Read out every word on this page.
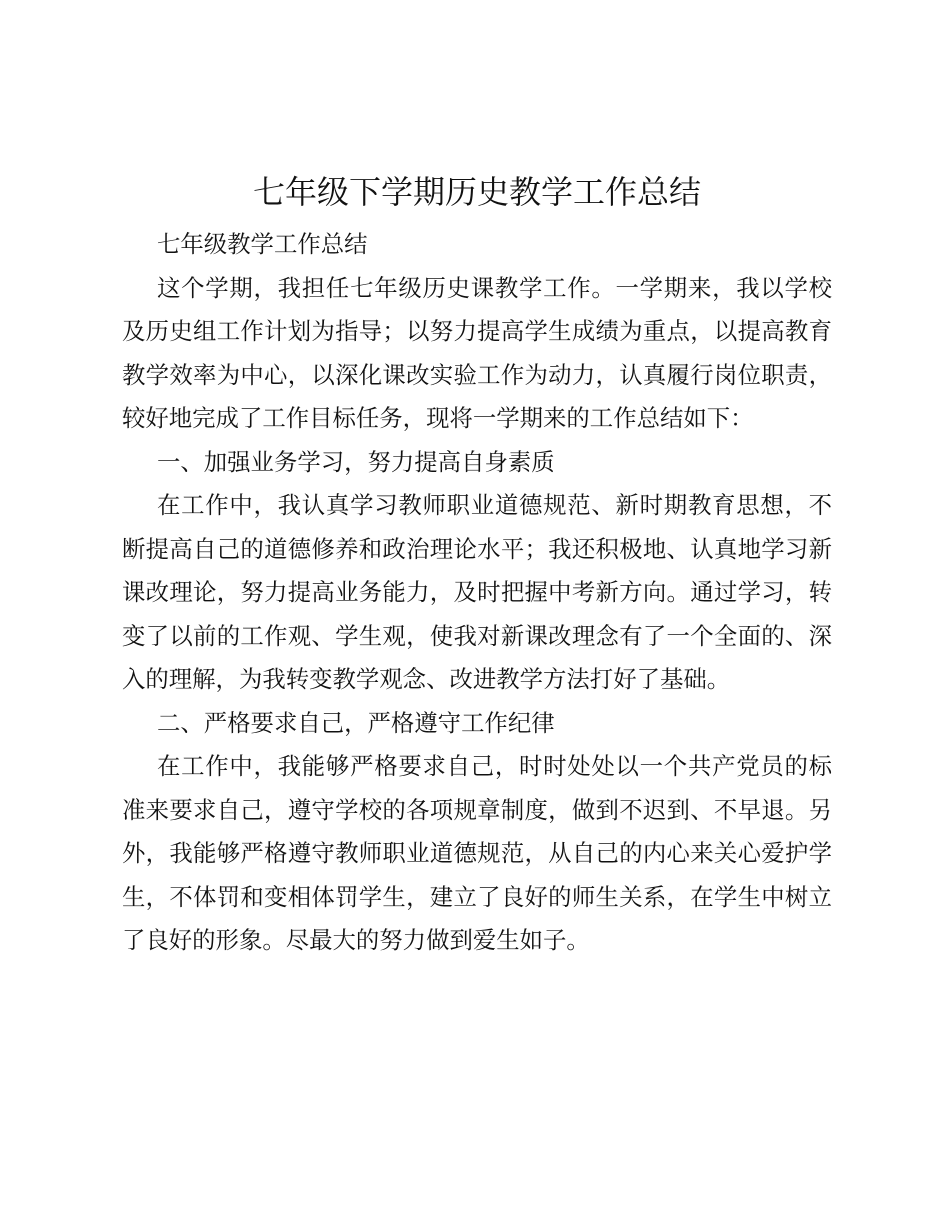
七年级下学期历史教学工作总结

七年级教学工作总结

这个学期，我担任七年级历史课教学工作。一学期来，我以学校及历史组工作计划为指导；以努力提高学生成绩为重点，以提高教育教学效率为中心，以深化课改实验工作为动力，认真履行岗位职责，较好地完成了工作目标任务，现将一学期来的工作总结如下：

一、加强业务学习，努力提高自身素质

在工作中，我认真学习教师职业道德规范、新时期教育思想，不断提高自己的道德修养和政治理论水平；我还积极地、认真地学习新课改理论，努力提高业务能力，及时把握中考新方向。通过学习，转变了以前的工作观、学生观，使我对新课改理念有了一个全面的、深入的理解，为我转变教学观念、改进教学方法打好了基础。

二、严格要求自己，严格遵守工作纪律

在工作中，我能够严格要求自己，时时处处以一个共产党员的标准来要求自己，遵守学校的各项规章制度，做到不迟到、不早退。另外，我能够严格遵守教师职业道德规范，从自己的内心来关心爱护学生，不体罚和变相体罚学生，建立了良好的师生关系，在学生中树立了良好的形象。尽最大的努力做到爱生如子。
